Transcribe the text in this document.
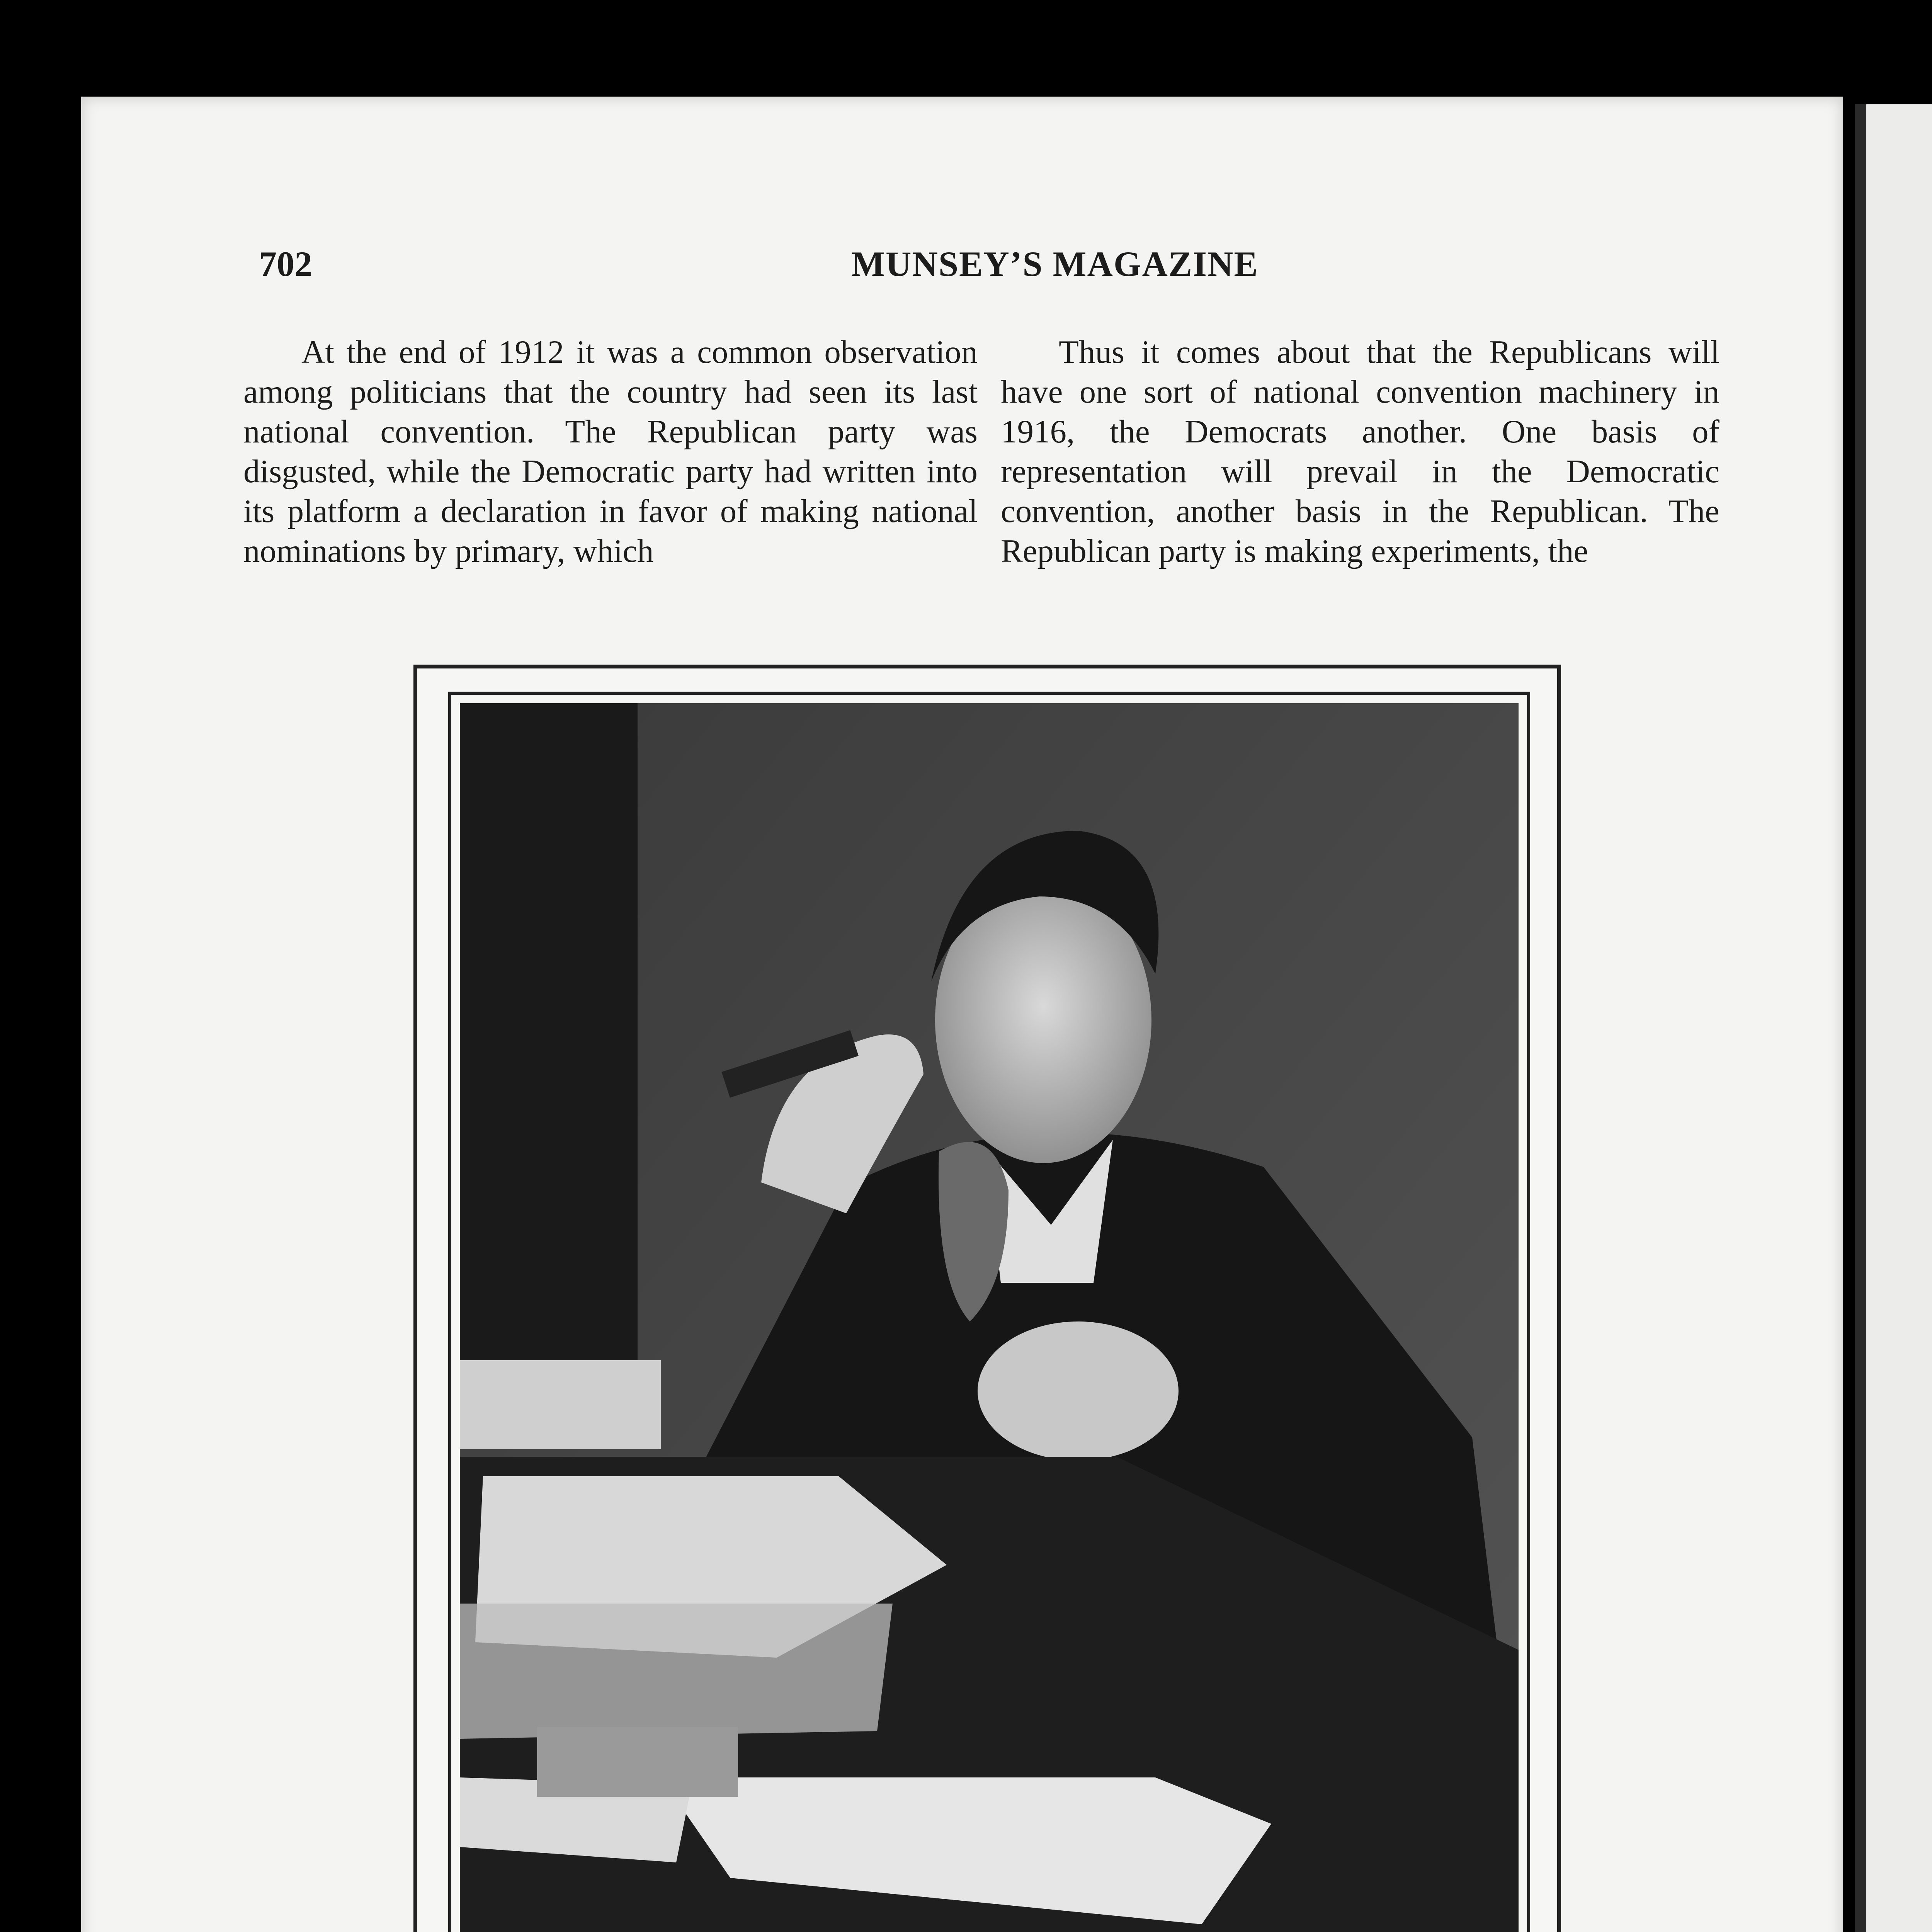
702	MUNSEY’S MAGAZINE

At the end of 1912 it was a common observation among politicians that the country had seen its last national convention. The Republican party was disgusted, while the Democratic party had written into its platform a declaration in favor of making national nominations by primary, which

Thus it comes about that the Republicans will have one sort of national convention machinery in 1916, the Democrats another. One basis of representation will prevail in the Democratic convention, another basis in the Republican. The Republican party is making experiments, the
